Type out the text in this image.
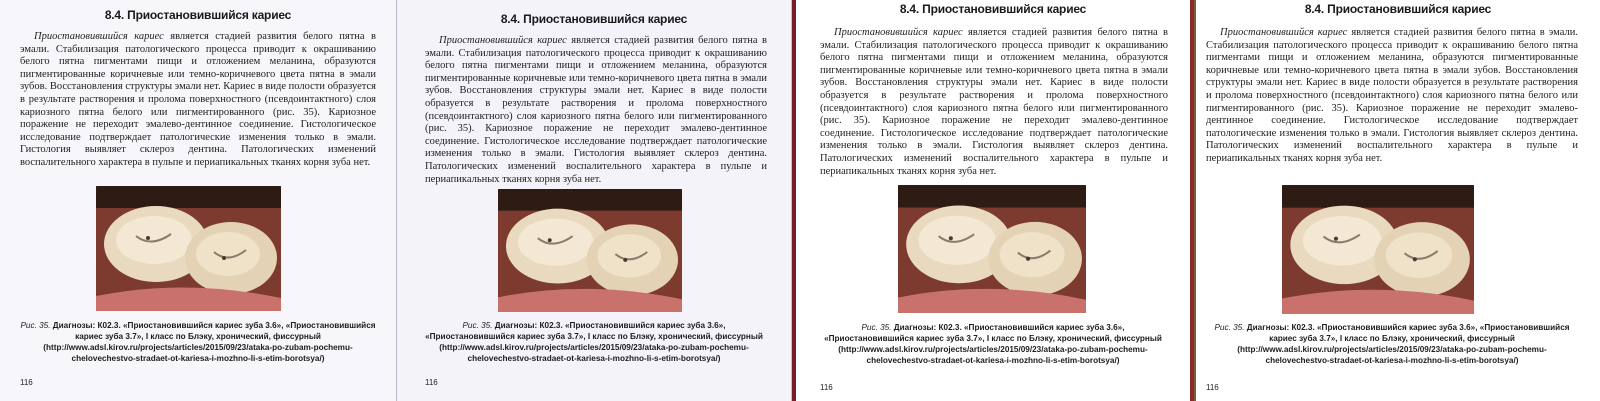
8.4. Приостановившийся кариес
Приостановившийся кариес является стадией развития белого пятна в эмали. Стабилизация патологического процесса приводит к окрашиванию белого пятна пигментами пищи и отложением меланина, образуются пигментированные коричневые или темно-коричневого цвета пятна в эмали зубов. Восстановления структуры эмали нет. Кариес в виде полости образуется в результате растворения и пролома поверхностного (псевдоинтактного) слоя кариозного пятна белого или пигментированного (рис. 35). Кариозное поражение не переходит эмалево-дентинное соединение. Гистологическое исследование подтверждает патологические изменения только в эмали. Гистология выявляет склероз дентина. Патологических изменений воспалительного характера в пульпе и периапикальных тканях корня зуба нет.
Рис. 35. Диагнозы: К02.3. «Приостановившийся кариес зуба 3.6», «Приостановившийся кариес зуба 3.7», I класс по Блэку, хронический, фиссурный (http://www.adsl.kirov.ru/projects/articles/2015/09/23/ataka-po-zubam-pochemu-chelovechestvo-stradaet-ot-kariesa-i-mozhno-li-s-etim-borotsya/)
116
8.4. Приостановившийся кариес
Приостановившийся кариес является стадией развития белого пятна в эмали. Стабилизация патологического процесса приводит к окрашиванию белого пятна пигментами пищи и отложением меланина, образуются пигментированные коричневые или темно-коричневого цвета пятна в эмали зубов. Восстановления структуры эмали нет. Кариес в виде полости образуется в результате растворения и пролома поверхностного (псевдоинтактного) слоя кариозного пятна белого или пигментированного (рис. 35). Кариозное поражение не переходит эмалево-дентинное соединение. Гистологическое исследование подтверждает патологические изменения только в эмали. Гистология выявляет склероз дентина. Патологических изменений воспалительного характера в пульпе и периапикальных тканях корня зуба нет.
Рис. 35. Диагнозы: К02.3. «Приостановившийся кариес зуба 3.6», «Приостановившийся кариес зуба 3.7», I класс по Блэку, хронический, фиссурный (http://www.adsl.kirov.ru/projects/articles/2015/09/23/ataka-po-zubam-pochemu-chelovechestvo-stradaet-ot-kariesa-i-mozhno-li-s-etim-borotsya/)
116
8.4. Приостановившийся кариес
Приостановившийся кариес является стадией развития белого пятна в эмали. Стабилизация патологического процесса приводит к окрашиванию белого пятна пигментами пищи и отложением меланина, образуются пигментированные коричневые или темно-коричневого цвета пятна в эмали зубов. Восстановления структуры эмали нет. Кариес в виде полости образуется в результате растворения и пролома поверхностного (псевдоинтактного) слоя кариозного пятна белого или пигментированного (рис. 35). Кариозное поражение не переходит эмалево-дентинное соединение. Гистологическое исследование подтверждает патологические изменения только в эмали. Гистология выявляет склероз дентина. Патологических изменений воспалительного характера в пульпе и периапикальных тканях корня зуба нет.
Рис. 35. Диагнозы: К02.3. «Приостановившийся кариес зуба 3.6», «Приостановившийся кариес зуба 3.7», I класс по Блэку, хронический, фиссурный (http://www.adsl.kirov.ru/projects/articles/2015/09/23/ataka-po-zubam-pochemu-chelovechestvo-stradaet-ot-kariesa-i-mozhno-li-s-etim-borotsya/)
116
8.4. Приостановившийся кариес
Приостановившийся кариес является стадией развития белого пятна в эмали. Стабилизация патологического процесса приводит к окрашиванию белого пятна пигментами пищи и отложением меланина, образуются пигментированные коричневые или темно-коричневого цвета пятна в эмали зубов. Восстановления структуры эмали нет. Кариес в виде полости образуется в результате растворения и пролома поверхностного (псевдоинтактного) слоя кариозного пятна белого или пигментированного (рис. 35). Кариозное поражение не переходит эмалево-дентинное соединение. Гистологическое исследование подтверждает патологические изменения только в эмали. Гистология выявляет склероз дентина. Патологических изменений воспалительного характера в пульпе и периапикальных тканях корня зуба нет.
Рис. 35. Диагнозы: К02.3. «Приостановившийся кариес зуба 3.6», «Приостановившийся кариес зуба 3.7», I класс по Блэку, хронический, фиссурный (http://www.adsl.kirov.ru/projects/articles/2015/09/23/ataka-po-zubam-pochemu-chelovechestvo-stradaet-ot-kariesa-i-mozhno-li-s-etim-borotsya/)
116
